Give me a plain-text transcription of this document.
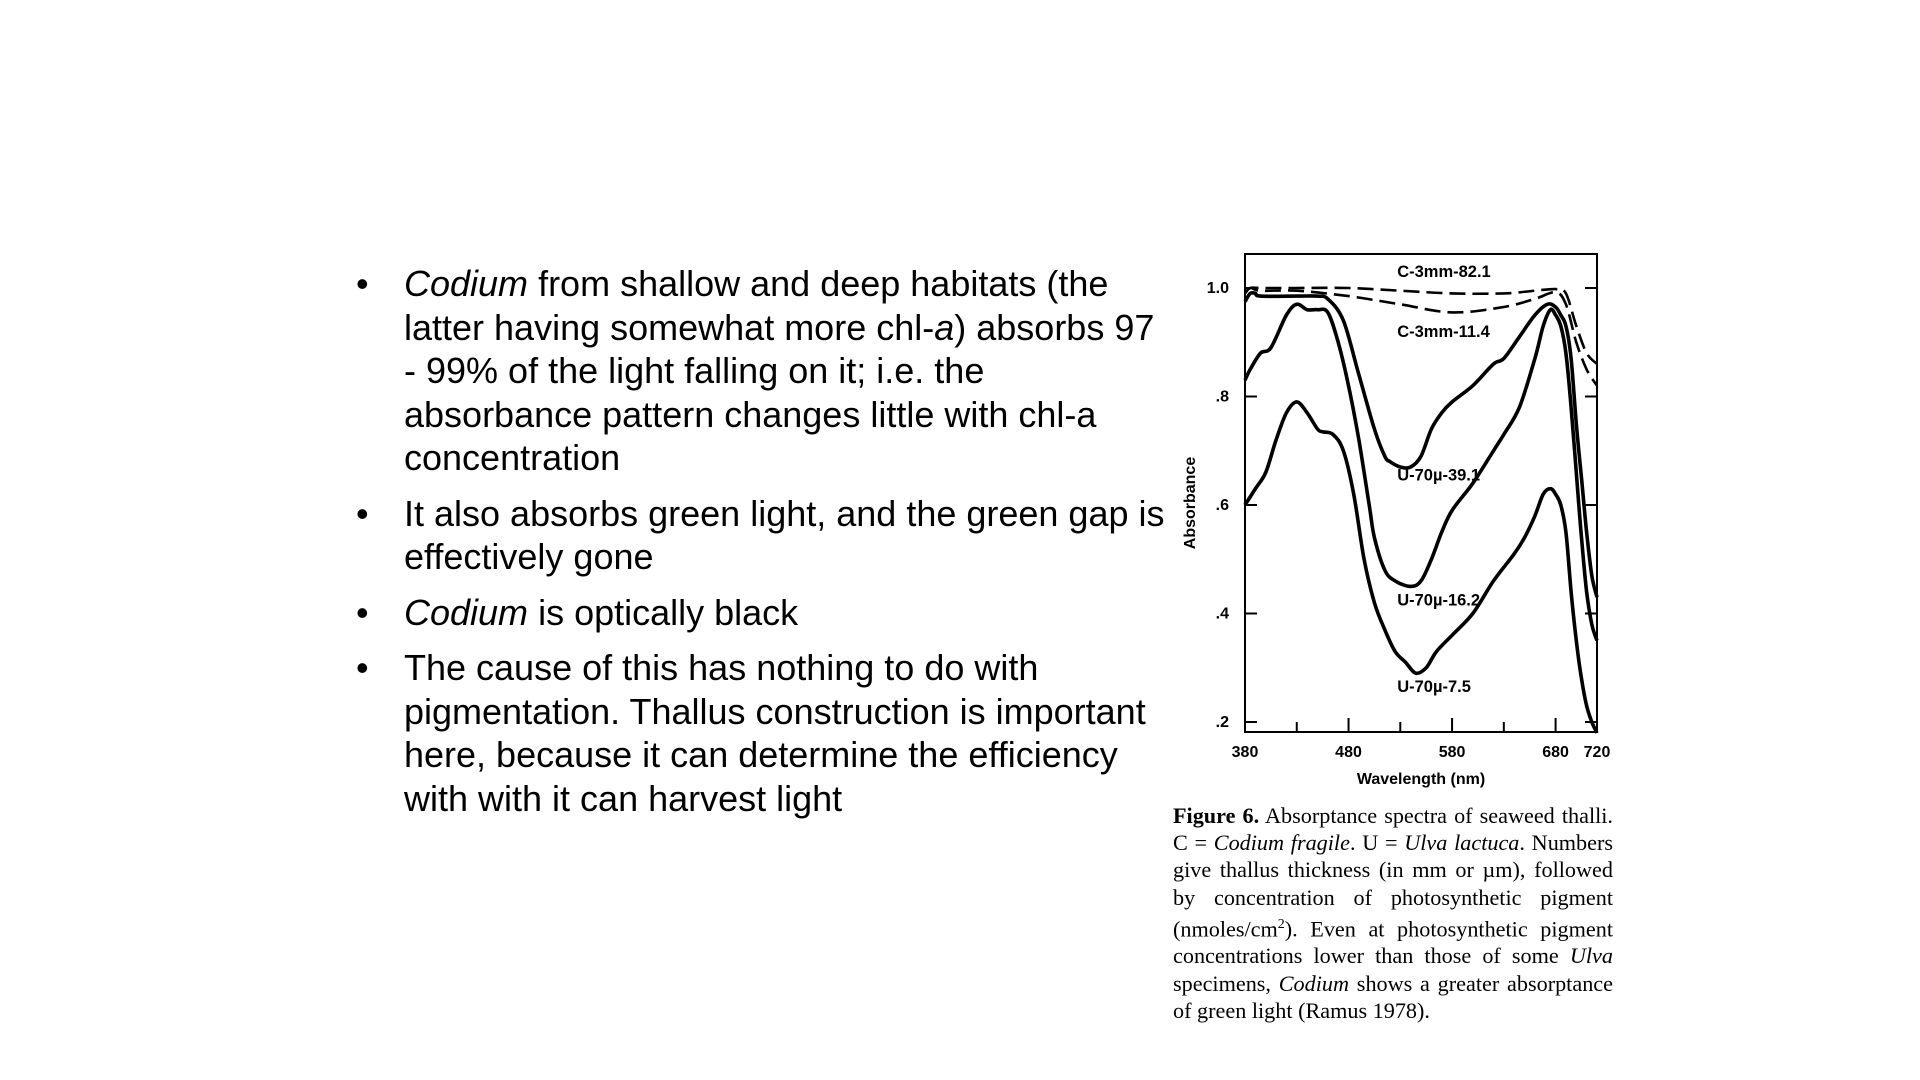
• Codium from shallow and deep habitats (the latter having somewhat more chl-a) absorbs 97 - 99% of the light falling on it; i.e. the absorbance pattern changes little with chl-a concentration
• It also absorbs green light, and the green gap is effectively gone
• Codium is optically black
• The cause of this has nothing to do with pigmentation. Thallus construction is important here, because it can determine the efficiency with with it can harvest light
1.0
.8
.6
.4
.2
380	480	580	680 720
Wavelength (nm)
Absorbance
C-3mm-82.1
C-3mm-11.4
U-70µ-39.1
U-70µ-16.2
U-70µ-7.5

Figure 6. Absorptance spectra of seaweed thalli. C = Codium fragile. U = Ulva lactuca. Numbers give thallus thickness (in mm or µm), followed by concentration of photosynthetic pigment $(nmoles/cm^2)$. Even at photosynthetic pigment concentrations lower than those of some Ulva specimens, Codium shows a greater absorptance of green light (Ramus 1978).
